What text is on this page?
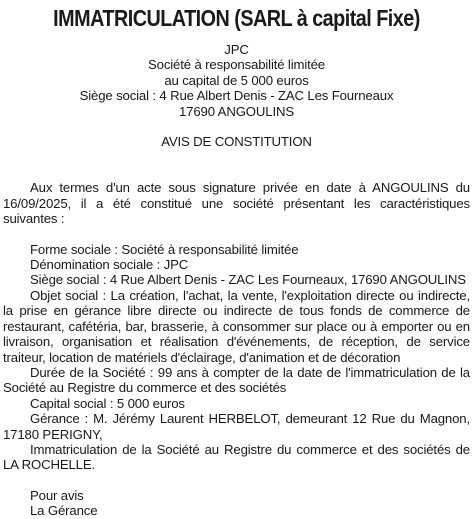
IMMATRICULATION (SARL à capital Fixe)
JPC
Société à responsabilité limitée
au capital de 5 000 euros
Siège social : 4 Rue Albert Denis - ZAC Les Fourneaux
17690 ANGOULINS
AVIS DE CONSTITUTION
Aux termes d'un acte sous signature privée en date à ANGOULINS du 16/09/2025, il a été constitué une société présentant les caractéristiques suivantes :
Forme sociale : Société à responsabilité limitée
Dénomination sociale : JPC
Siège social : 4 Rue Albert Denis - ZAC Les Fourneaux, 17690 ANGOULINS
Objet social : La création, l'achat, la vente, l'exploitation directe ou indirecte, la prise en gérance libre directe ou indirecte de tous fonds de commerce de restaurant, cafétéria, bar, brasserie, à consommer sur place ou à emporter ou en livraison, organisation et réalisation d'événements, de réception, de service traiteur, location de matériels d'éclairage, d'animation et de décoration
Durée de la Société : 99 ans à compter de la date de l'immatriculation de la Société au Registre du commerce et des sociétés
Capital social : 5 000 euros
Gérance : M. Jérémy Laurent HERBELOT, demeurant 12 Rue du Magnon, 17180 PERIGNY,
Immatriculation de la Société au Registre du commerce et des sociétés de LA ROCHELLE.
Pour avis
La Gérance
